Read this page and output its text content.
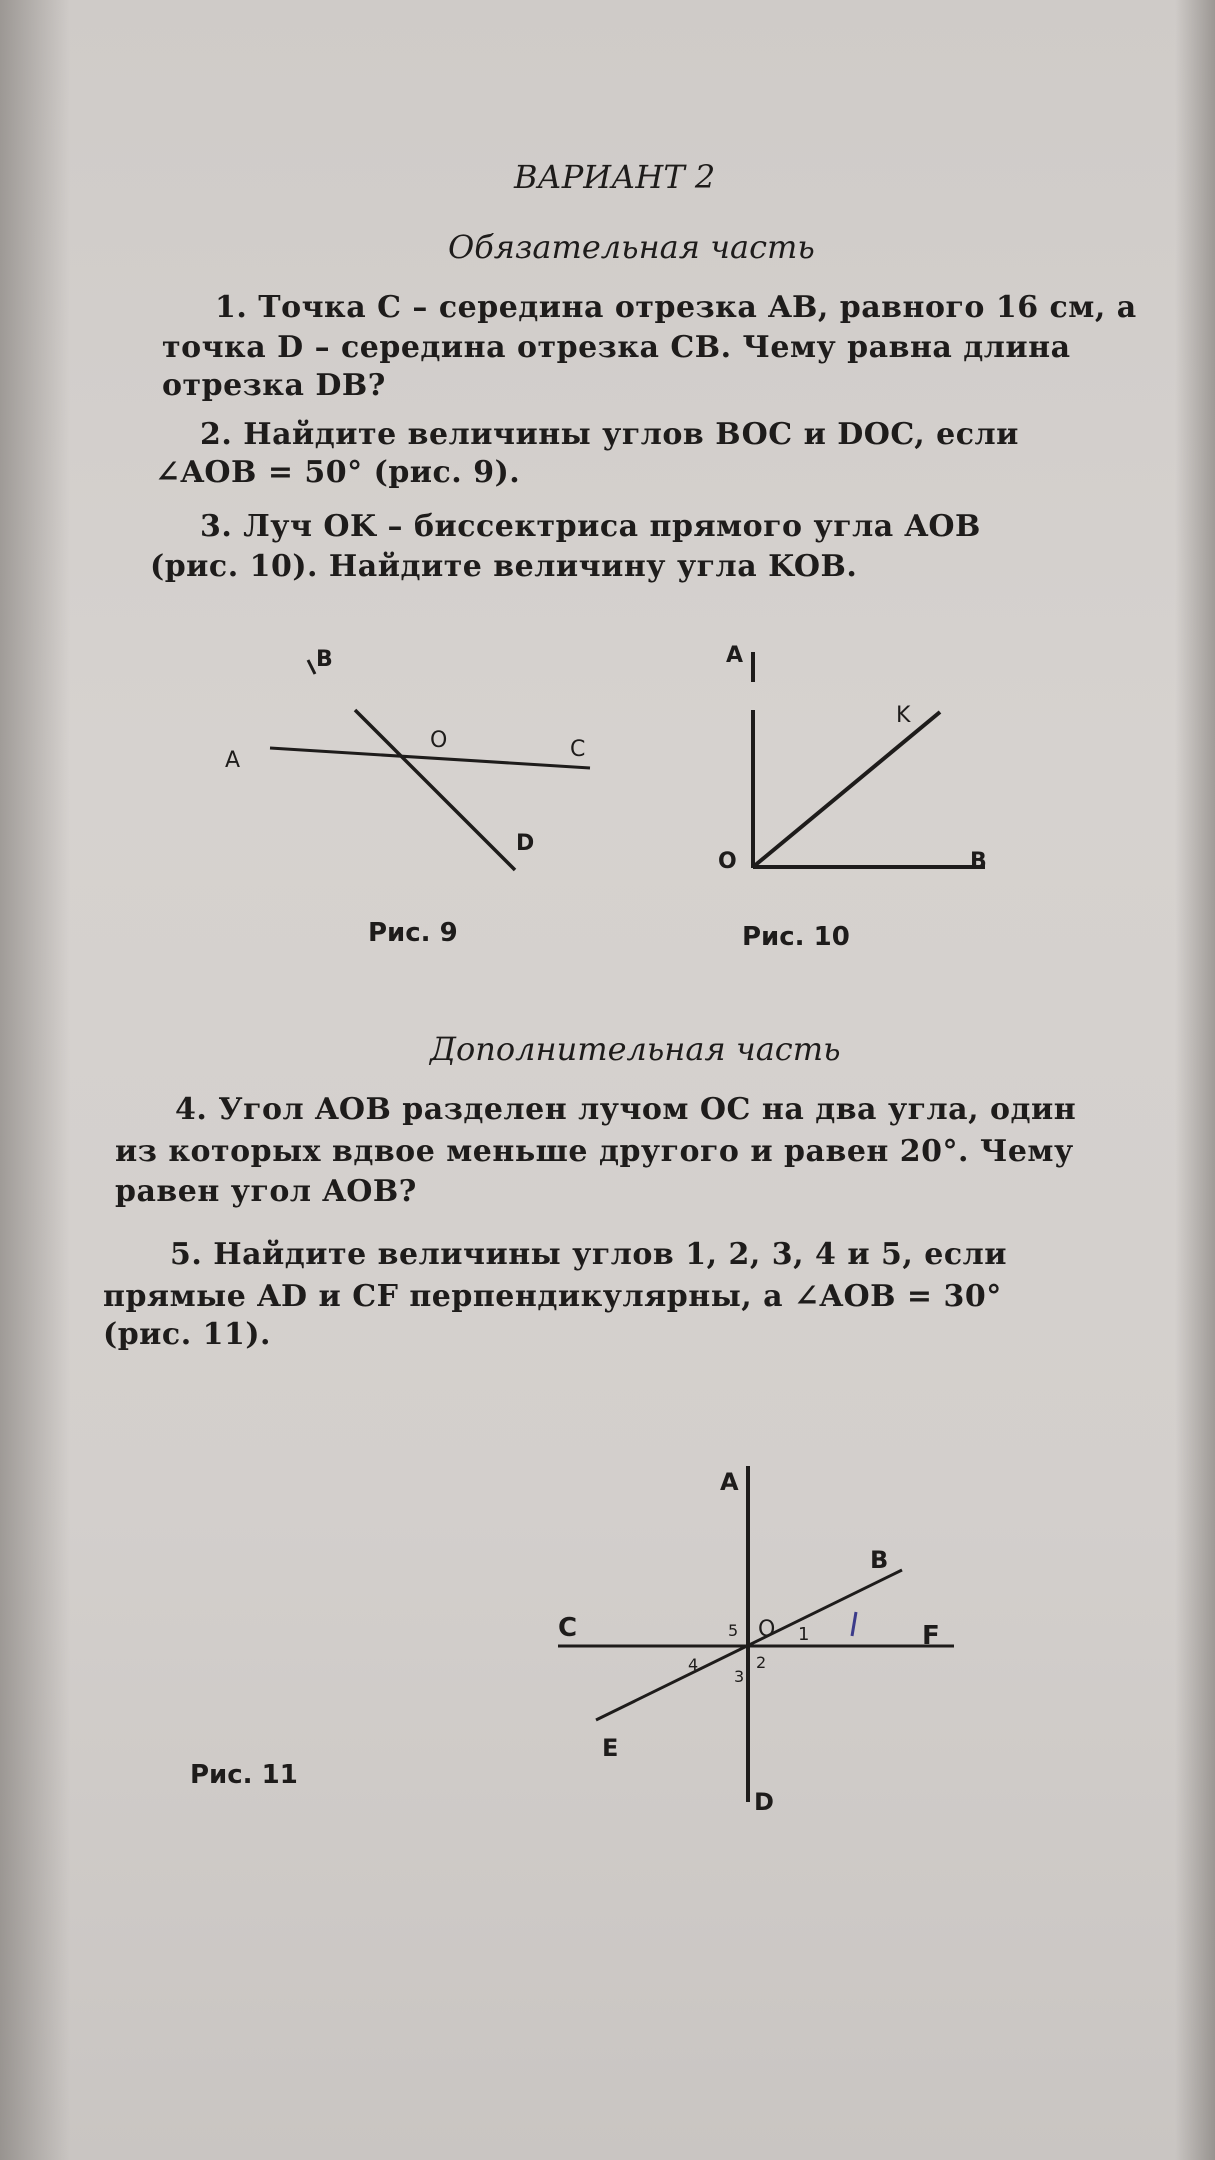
ВАРИАНТ 2
Обязательная часть
1. Точка C – середина отрезка AB, равного 16 см, а
точка D – середина отрезка CB. Чему равна длина
отрезка DB?
2. Найдите величины углов BOC и DOC, если
∠AOB = 50° (рис. 9).
3. Луч OK – биссектриса прямого угла AOB
(рис. 10). Найдите величину угла KOB.
B
A
O	C
D
Рис. 9
A
K
O	B
Рис. 10
Дополнительная часть
4. Угол AOB разделен лучом OC на два угла, один
из которых вдвое меньше другого и равен 20°. Чему
равен угол AOB?
5. Найдите величины углов 1, 2, 3, 4 и 5, если
прямые AD и CF перпендикулярны, а ∠AOB = 30°
(рис. 11).
A
B
C	F
O
D
E
1
2
3
4
5
Рис. 11
